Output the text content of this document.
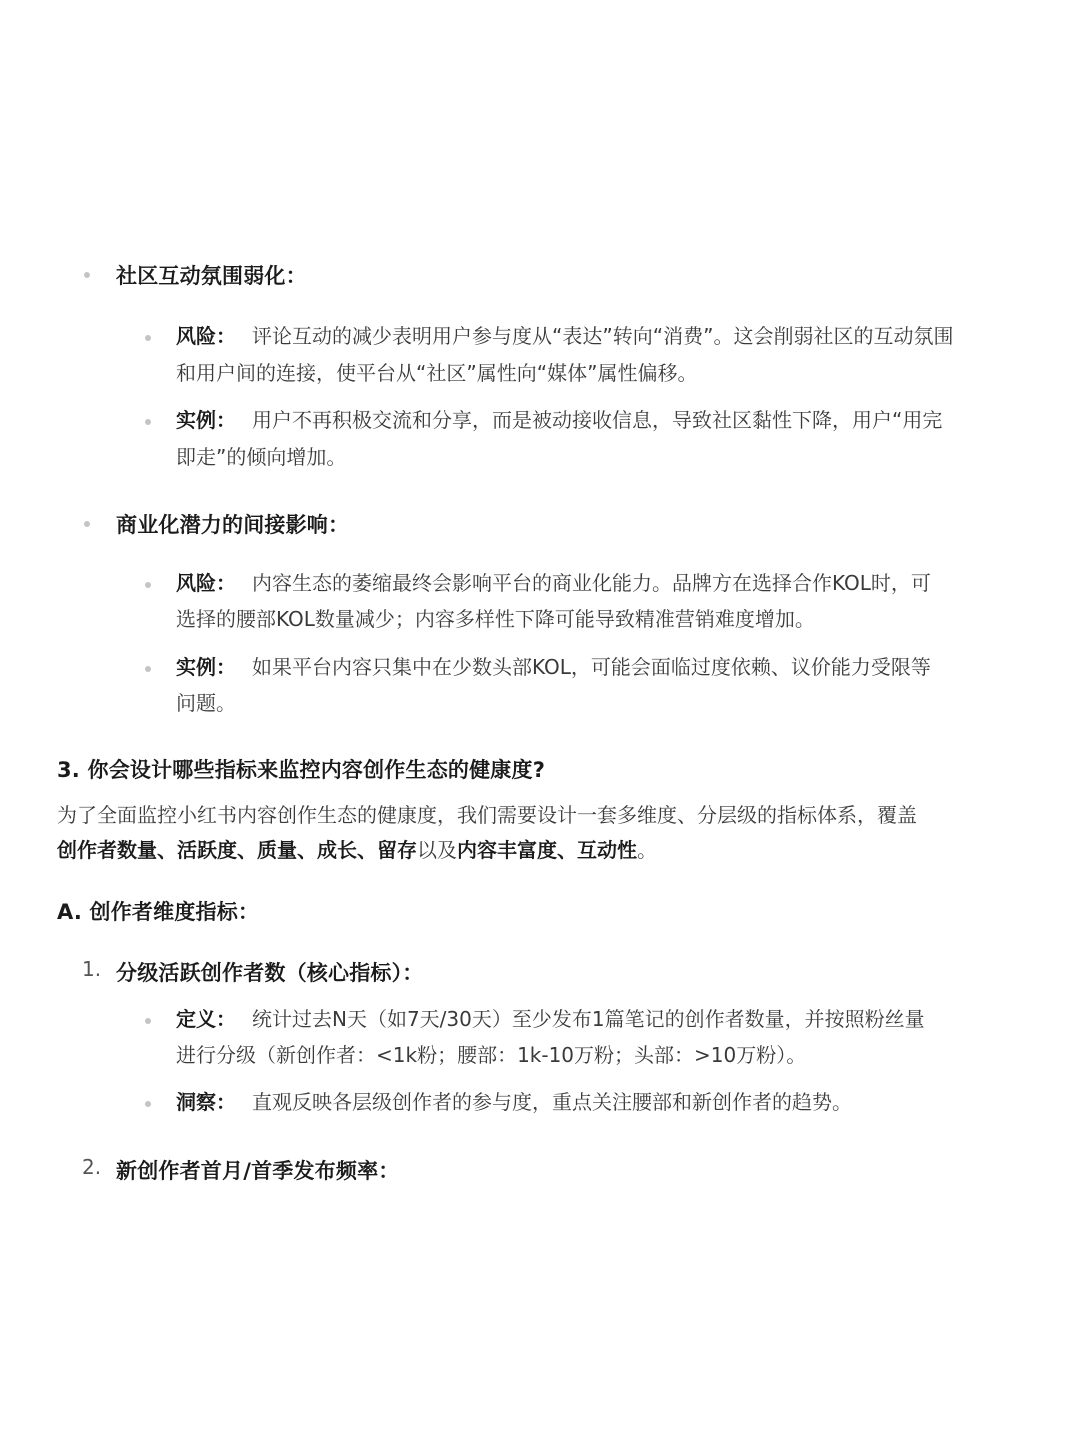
社区互动氛围弱化：
风险： 评论互动的减少表明用户参与度从“表达”转向“消费”。这会削弱社区的互动氛围
和用户间的连接，使平台从“社区”属性向“媒体”属性偏移。
实例： 用户不再积极交流和分享，而是被动接收信息，导致社区黏性下降，用户“用完
即走”的倾向增加。
商业化潜力的间接影响：
风险： 内容生态的萎缩最终会影响平台的商业化能力。品牌方在选择合作KOL时，可
选择的腰部KOL数量减少；内容多样性下降可能导致精准营销难度增加。
实例： 如果平台内容只集中在少数头部KOL，可能会面临过度依赖、议价能力受限等
问题。
3. 你会设计哪些指标来监控内容创作生态的健康度?
为了全面监控小红书内容创作生态的健康度，我们需要设计一套多维度、分层级的指标体系，覆盖
创作者数量、活跃度、质量、成长、留存以及内容丰富度、互动性。
A. 创作者维度指标：
1. 分级活跃创作者数（核心指标）：
定义： 统计过去N天（如7天/30天）至少发布1篇笔记的创作者数量，并按照粉丝量
进行分级（新创作者：<1k粉；腰部：1k-10万粉；头部：>10万粉）。
洞察： 直观反映各层级创作者的参与度，重点关注腰部和新创作者的趋势。
2. 新创作者首月/首季发布频率：
